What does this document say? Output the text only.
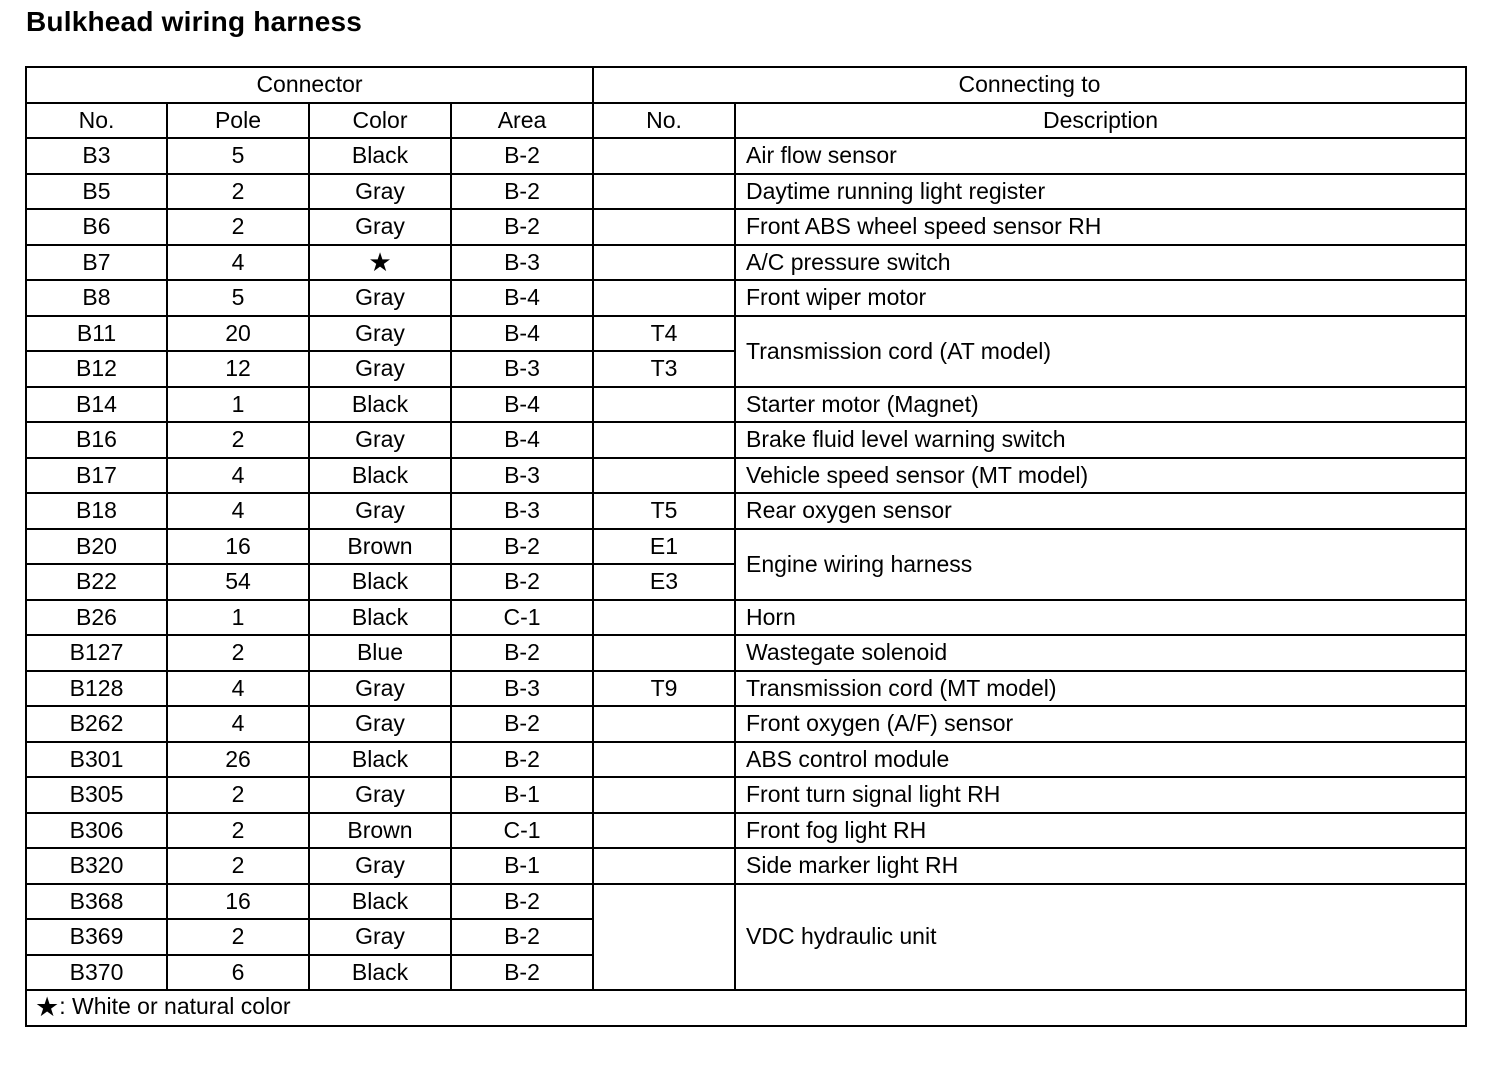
Bulkhead wiring harness
Connector				Connecting to	
No.	Pole	Color	Area	No.	Description
B3	5	Black	B-2		Air flow sensor
B5	2	Gray	B-2		Daytime running light register
B6	2	Gray	B-2		Front ABS wheel speed sensor RH
B7	4	★	B-3		A/C pressure switch
B8	5	Gray	B-4		Front wiper motor
B11	20	Gray	B-4	T4	Transmission cord (AT model)
B12	12	Gray	B-3	T3	
B14	1	Black	B-4		Starter motor (Magnet)
B16	2	Gray	B-4		Brake fluid level warning switch
B17	4	Black	B-3		Vehicle speed sensor (MT model)
B18	4	Gray	B-3	T5	Rear oxygen sensor
B20	16	Brown	B-2	E1	Engine wiring harness
B22	54	Black	B-2	E3	
B26	1	Black	C-1		Horn
B127	2	Blue	B-2		Wastegate solenoid
B128	4	Gray	B-3	T9	Transmission cord (MT model)
B262	4	Gray	B-2		Front oxygen (A/F) sensor
B301	26	Black	B-2		ABS control module
B305	2	Gray	B-1		Front turn signal light RH
B306	2	Brown	C-1		Front fog light RH
B320	2	Gray	B-1		Side marker light RH
B368	16	Black	B-2		VDC hydraulic unit
B369	2	Gray	B-2		
B370	6	Black	B-2		
★: White or natural color					
